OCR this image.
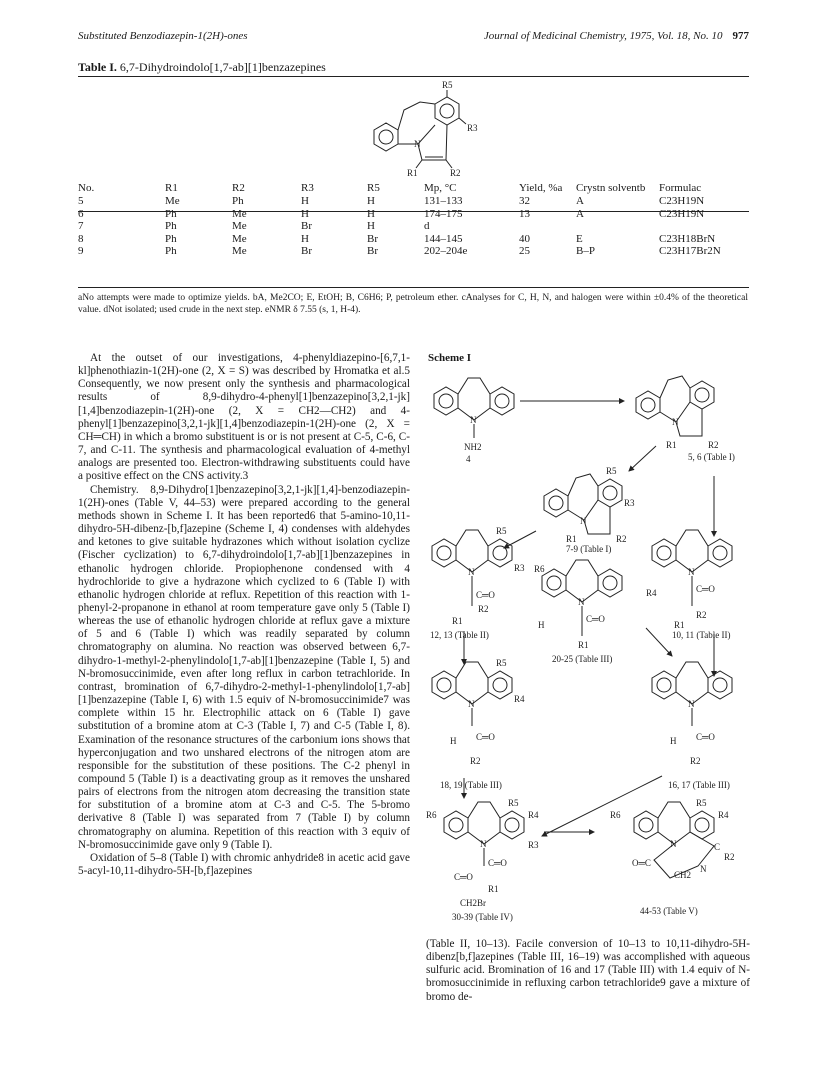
Substituted Benzodiazepin-1(2H)-ones	Journal of Medicinal Chemistry, 1975, Vol. 18, No. 10 977
Table I. 6,7-Dihydroindolo[1,7-ab][1]benzazepines
R5
R3
N
R1	R2
No.	R1	R2	R3	R5	Mp, °C	Yield, %a	Crystn solventb	Formulac
5	Me	Ph	H	H	131–133	32	A	C23H19N
6	Ph	Me	H	H	174–175	13	A	C23H19N
7	Ph	Me	Br	H	d			
8	Ph	Me	H	Br	144–145	40	E	C23H18BrN
9	Ph	Me	Br	Br	202–204e	25	B–P	C23H17Br2N
aNo attempts were made to optimize yields. bA, Me2CO; E, EtOH; B, C6H6; P, petroleum ether. cAnalyses for C, H, N, and halogen were within ±0.4% of the theoretical value. dNot isolated; used crude in the next step. eNMR δ 7.55 (s, 1, H-4).

At the outset of our investigations, 4-phenyldiazepino-[6,7,1-kl]phenothiazin-1(2H)-one (2, X = S) was described by Hromatka et al.5 Consequently, we now present only the synthesis and pharmacological results of 8,9-dihydro-4-phenyl[1]benzazepino[3,2,1-jk][1,4]benzodiazepin-1(2H)-one (2, X = CH2—CH2) and 4-phenyl[1]benzazepino[3,2,1-jk][1,4]benzodiazepin-1(2H)-one (2, X = CH═CH) in which a bromo substituent is or is not present at C-5, C-6, C-7, and C-11. The synthesis and pharmacological evaluation of 4-methyl analogs are presented too. Electron-withdrawing substituents could have a positive effect on the CNS activity.3

Chemistry. 8,9-Dihydro[1]benzazepino[3,2,1-jk][1,4]-benzodiazepin-1(2H)-ones (Table V, 44–53) were prepared according to the general methods shown in Scheme I. It has been reported6 that 5-amino-10,11-dihydro-5H-dibenz-[b,f]azepine (Scheme I, 4) condenses with aldehydes and ketones to give suitable hydrazones which without isolation cyclize (Fischer cyclization) to 6,7-dihydroindolo[1,7-ab][1]benzazepines in ethanolic hydrogen chloride. Propiophenone condensed with 4 hydrochloride to give a hydrazone which cyclized to 6 (Table I) with ethanolic hydrogen chloride at reflux. Repetition of this reaction with 1-phenyl-2-propanone in ethanol at room temperature gave only 5 (Table I) whereas the use of ethanolic hydrogen chloride at reflux gave a mixture of 5 and 6 (Table I) which was readily separated by column chromatography on alumina. No reaction was observed between 6,7-dihydro-1-methyl-2-phenylindolo[1,7-ab][1]benzazepine (Table I, 5) and N-bromosuccinimide, even after long reflux in carbon tetrachloride. In contrast, bromination of 6,7-dihydro-2-methyl-1-phenylindolo[1,7-ab][1]benzazepine (Table I, 6) with 1.5 equiv of N-bromosuccinimide7 was complete within 15 hr. Electrophilic attack on 6 (Table I) gave substitution of a bromine atom at C-3 (Table I, 7) and C-5 (Table I, 8). Examination of the resonance structures of the carbonium ions shows that hyperconjugation and two unshared electrons of the nitrogen atom are responsible for the substitution of these positions. The C-2 phenyl in compound 5 (Table I) is a deactivating group as it removes the unshared pairs of electrons from the nitrogen atom decreasing the transition state for substitution of a bromine atom at C-3 and C-5. The 5-bromo derivative 8 (Table I) was separated from 7 (Table I) by column chromatography on alumina. Repetition of this reaction with 3 equiv of N-bromosuccinimide gave only 9 (Table I).

Oxidation of 5–8 (Table I) with chromic anhydride8 in acetic acid gave 5-acyl-10,11-dihydro-5H-[b,f]azepines

Scheme I
N
NH2
N
R1	R2
R5
R3
N
R1	R2
R5
R3
N
C═O
R2
R1
N
C═O
R4
R2
R1
N
C═O
H
R1
R6
R5
R4
N
C═O
H
R2
N
C═O
H
R2
R5
R6	R4
R3
N
C═O
C═O
R1
CH2Br
R5
R6	R4
N	C
R2
O═C
CH2
N
4	5, 6 (Table I)
7-9 (Table I)
12, 13 (Table II)	10, 11 (Table II)
20-25 (Table III)
18, 19 (Table III)	16, 17 (Table III)
30-39 (Table IV)
44-53 (Table V)

(Table II, 10–13). Facile conversion of 10–13 to 10,11-dihydro-5H-dibenz[b,f]azepines (Table III, 16–19) was accomplished with aqueous sulfuric acid. Bromination of 16 and 17 (Table III) with 1.4 equiv of N-bromosuccinimide in refluxing carbon tetrachloride9 gave a mixture of bromo de-
